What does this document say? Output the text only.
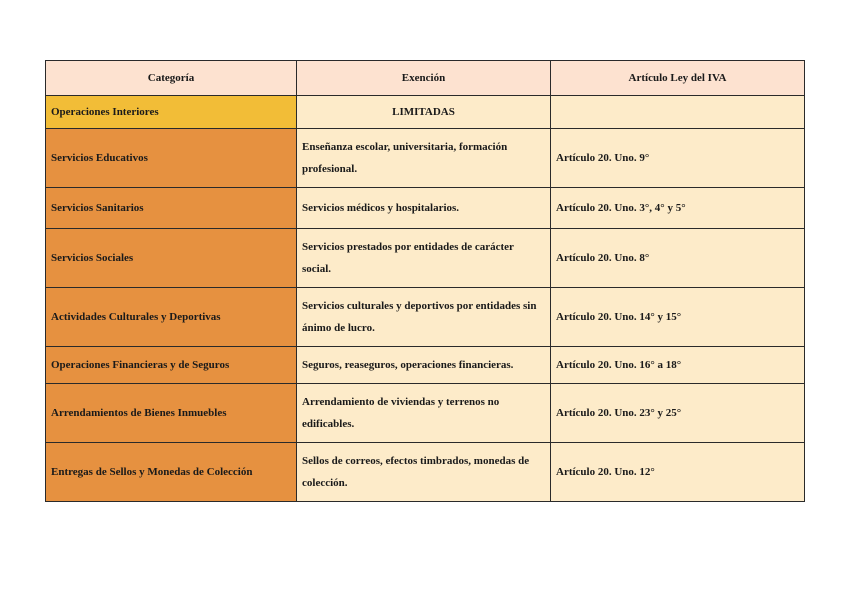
Categoría	Exención	Artículo Ley del IVA
Operaciones Interiores	LIMITADAS	
Servicios Educativos	Enseñanza escolar, universitaria, formación profesional.	Artículo 20. Uno. 9°
Servicios Sanitarios	Servicios médicos y hospitalarios.	Artículo 20. Uno. 3°, 4° y 5°
Servicios Sociales	Servicios prestados por entidades de carácter social.	Artículo 20. Uno. 8°
Actividades Culturales y Deportivas	Servicios culturales y deportivos por entidades sin ánimo de lucro.	Artículo 20. Uno. 14° y 15°
Operaciones Financieras y de Seguros	Seguros, reaseguros, operaciones financieras.	Artículo 20. Uno. 16° a 18°
Arrendamientos de Bienes Inmuebles	Arrendamiento de viviendas y terrenos no edificables.	Artículo 20. Uno. 23° y 25°
Entregas de Sellos y Monedas de Colección	Sellos de correos, efectos timbrados, monedas de colección.	Artículo 20. Uno. 12°
